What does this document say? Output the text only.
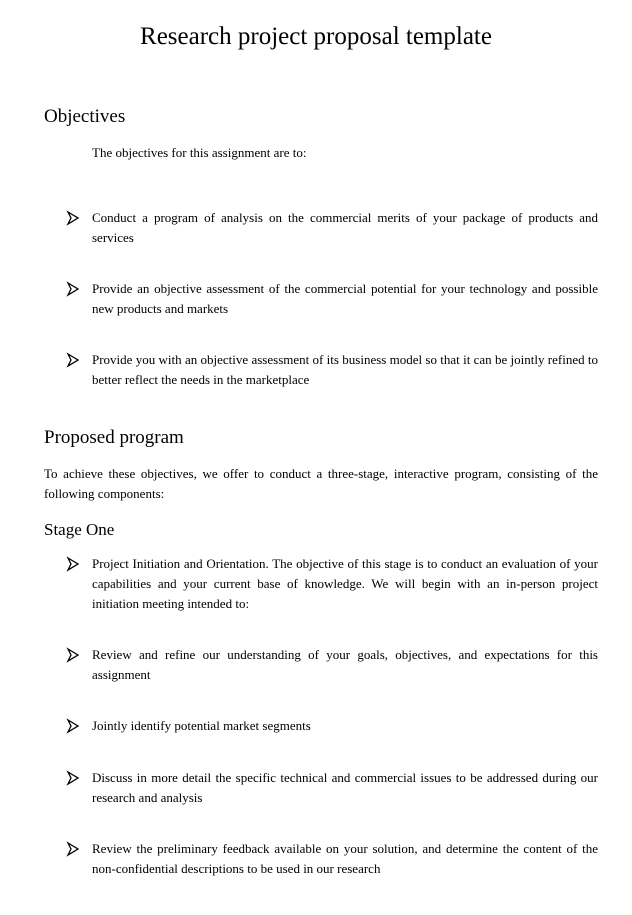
Research project proposal template
Objectives
The objectives for this assignment are to:
Conduct a program of analysis on the commercial merits of your package of products and services
Provide an objective assessment of the commercial potential for your technology and possible new products and markets
Provide you with an objective assessment of its business model so that it can be jointly refined to better reflect the needs in the marketplace
Proposed program
To achieve these objectives, we offer to conduct a three-stage, interactive program, consisting of the following components:
Stage One
Project Initiation and Orientation. The objective of this stage is to conduct an evaluation of your capabilities and your current base of knowledge. We will begin with an in-person project initiation meeting intended to:
Review and refine our understanding of your goals, objectives, and expectations for this assignment
Jointly identify potential market segments
Discuss in more detail the specific technical and commercial issues to be addressed during our research and analysis
Review the preliminary feedback available on your solution, and determine the content of the non-confidential descriptions to be used in our research
